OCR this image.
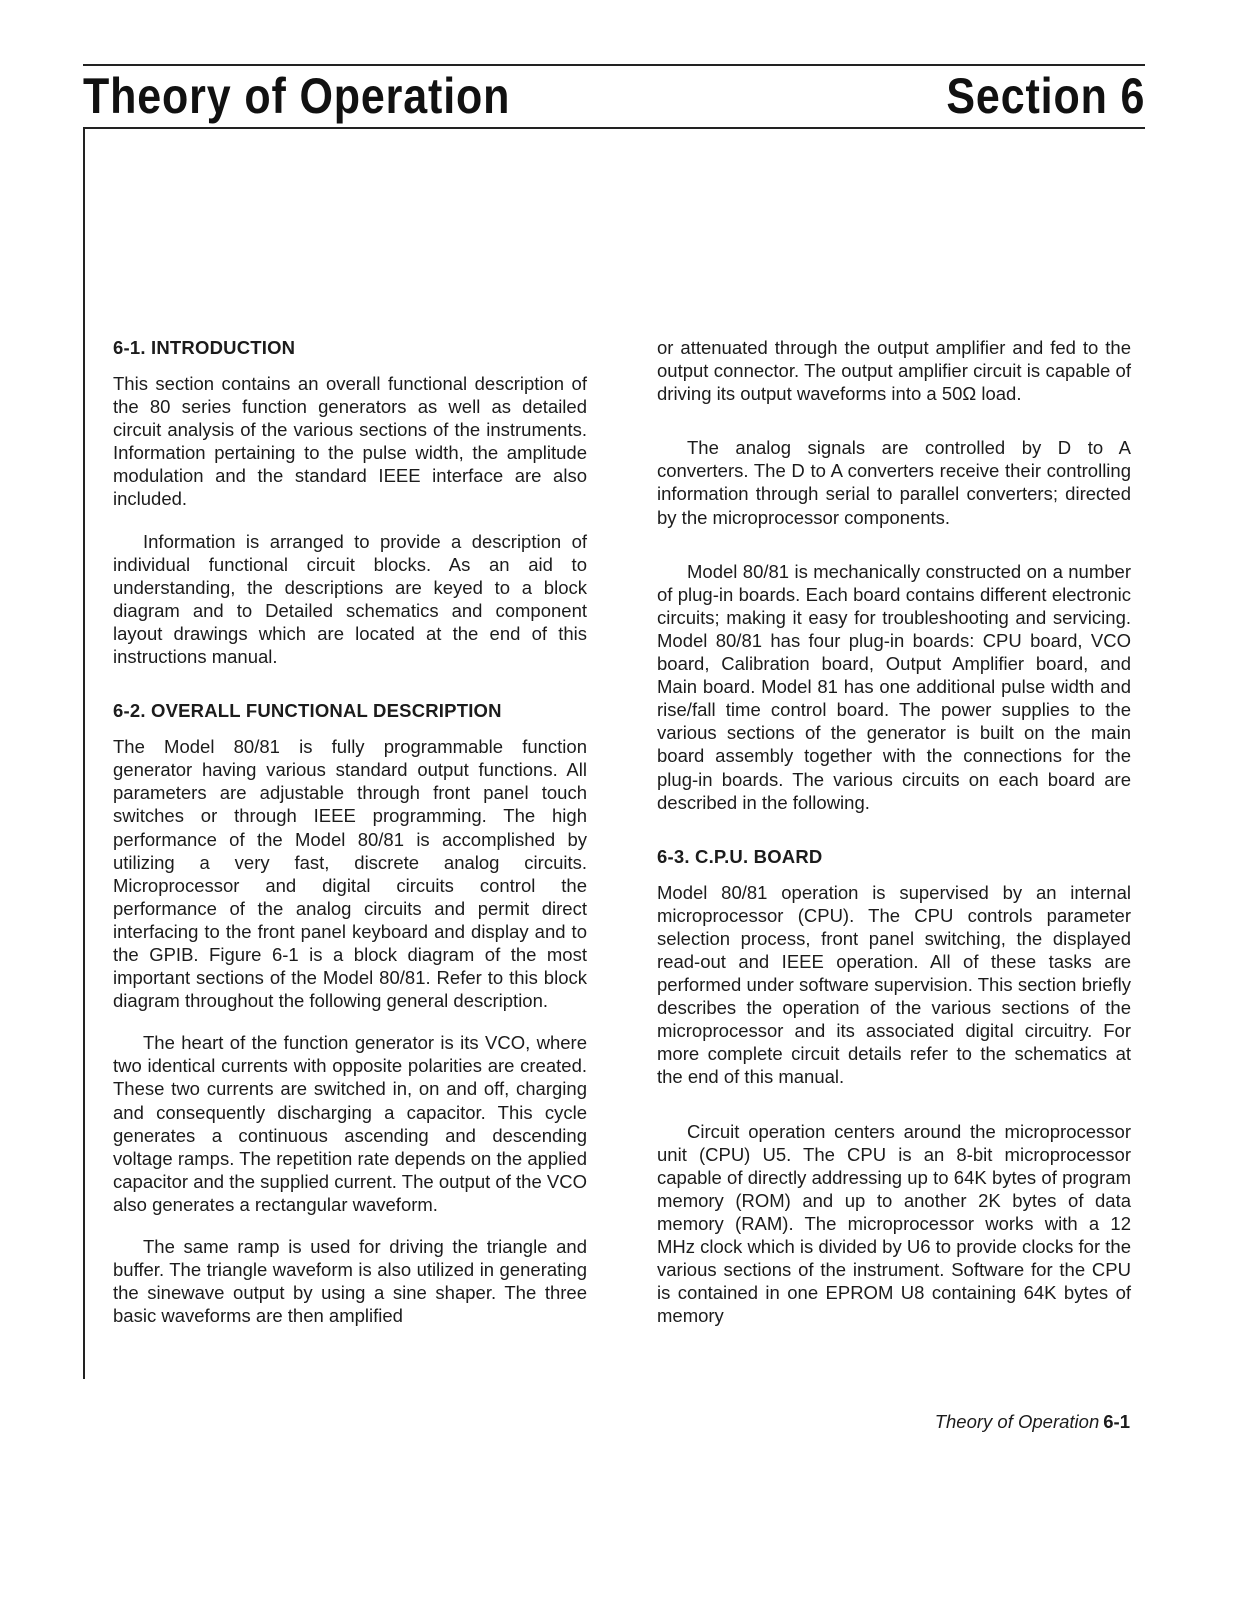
Theory of Operation	Section 6
6-1. INTRODUCTION

This section contains an overall functional description of the 80 series function generators as well as detailed circuit analysis of the various sections of the instruments. Information pertaining to the pulse width, the amplitude modulation and the standard IEEE interface are also included.

Information is arranged to provide a description of individual functional circuit blocks. As an aid to understanding, the descriptions are keyed to a block diagram and to Detailed schematics and component layout drawings which are located at the end of this instructions manual.

6-2. OVERALL FUNCTIONAL DESCRIPTION

The Model 80/81 is fully programmable function generator having various standard output functions. All parameters are adjustable through front panel touch switches or through IEEE programming. The high performance of the Model 80/81 is accomplished by utilizing a very fast, discrete analog circuits. Microprocessor and digital circuits control the performance of the analog circuits and permit direct interfacing to the front panel keyboard and display and to the GPIB. Figure 6-1 is a block diagram of the most important sections of the Model 80/81. Refer to this block diagram throughout the following general description.

The heart of the function generator is its VCO, where two identical currents with opposite polarities are created. These two currents are switched in, on and off, charging and consequently discharging a capacitor. This cycle generates a continuous ascending and descending voltage ramps. The repetition rate depends on the applied capacitor and the supplied current. The output of the VCO also generates a rectangular waveform.

The same ramp is used for driving the triangle and buffer. The triangle waveform is also utilized in generating the sinewave output by using a sine shaper. The three basic waveforms are then amplified

or attenuated through the output amplifier and fed to the output connector. The output amplifier circuit is capable of driving its output waveforms into a 50Ω load.

The analog signals are controlled by D to A converters. The D to A converters receive their controlling information through serial to parallel converters; directed by the microprocessor components.

Model 80/81 is mechanically constructed on a number of plug-in boards. Each board contains different electronic circuits; making it easy for troubleshooting and servicing. Model 80/81 has four plug-in boards: CPU board, VCO board, Calibration board, Output Amplifier board, and Main board. Model 81 has one additional pulse width and rise/fall time control board. The power supplies to the various sections of the generator is built on the main board assembly together with the connections for the plug-in boards. The various circuits on each board are described in the following.

6-3. C.P.U. BOARD

Model 80/81 operation is supervised by an internal microprocessor (CPU). The CPU controls parameter selection process, front panel switching, the displayed read-out and IEEE operation. All of these tasks are performed under software supervision. This section briefly describes the operation of the various sections of the microprocessor and its associated digital circuitry. For more complete circuit details refer to the schematics at the end of this manual.

Circuit operation centers around the microprocessor unit (CPU) U5. The CPU is an 8-bit microprocessor capable of directly addressing up to 64K bytes of program memory (ROM) and up to another 2K bytes of data memory (RAM). The microprocessor works with a 12 MHz clock which is divided by U6 to provide clocks for the various sections of the instrument. Software for the CPU is contained in one EPROM U8 containing 64K bytes of memory

Theory of Operation 6-1
